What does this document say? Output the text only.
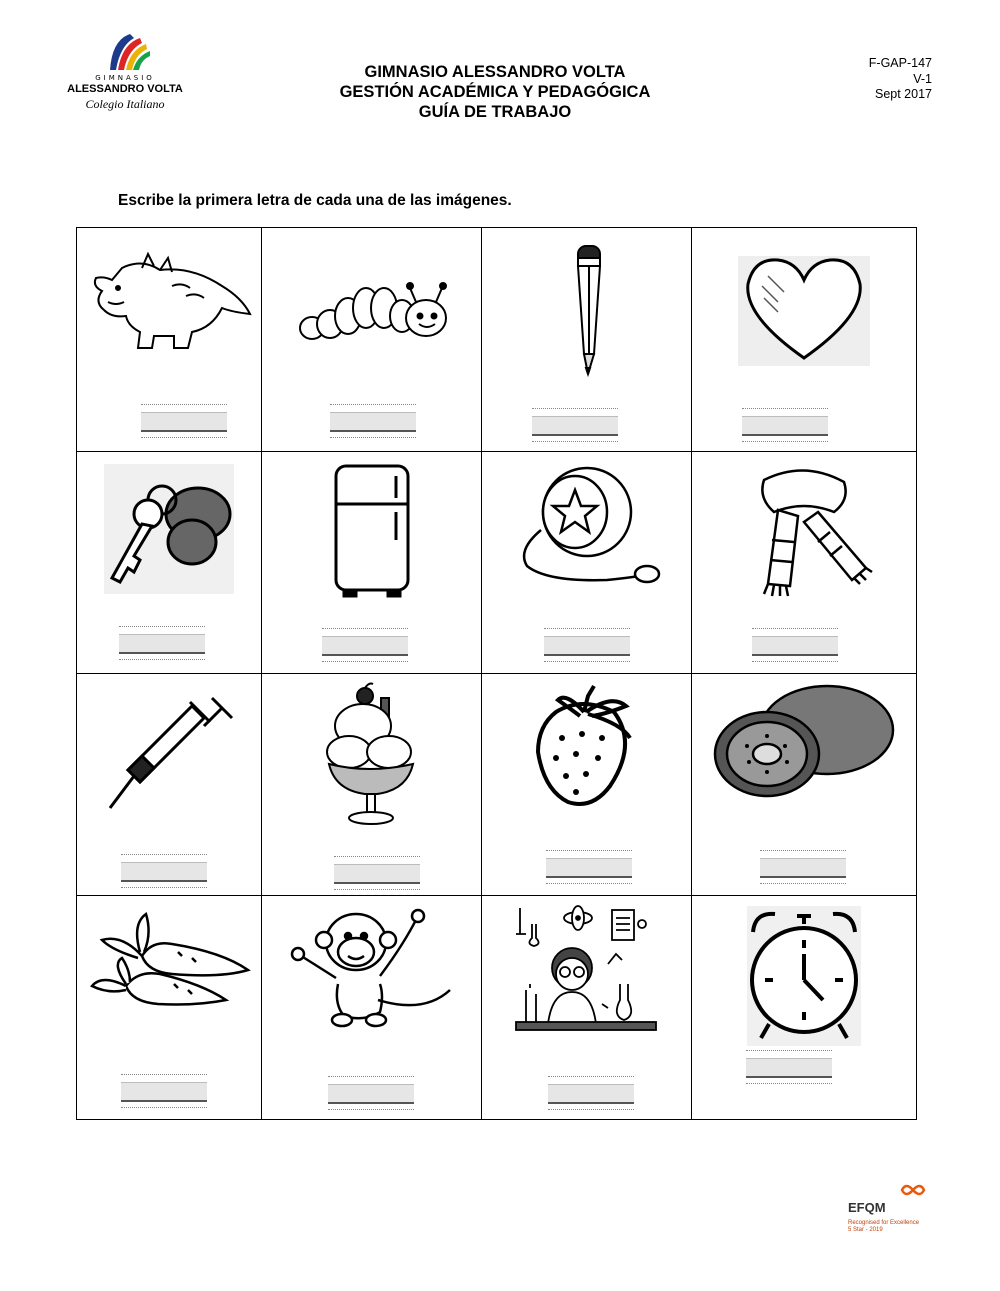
GIMNASIO
ALESSANDRO VOLTA
Colegio Italiano
GIMNASIO ALESSANDRO VOLTA
GESTIÓN ACADÉMICA Y PEDAGÓGICA
GUÍA DE TRABAJO
F-GAP-147
V-1
Sept 2017
Escribe la primera letra de cada una de las imágenes.

EFQM
Recognised for Excellence
5 Star - 2019
